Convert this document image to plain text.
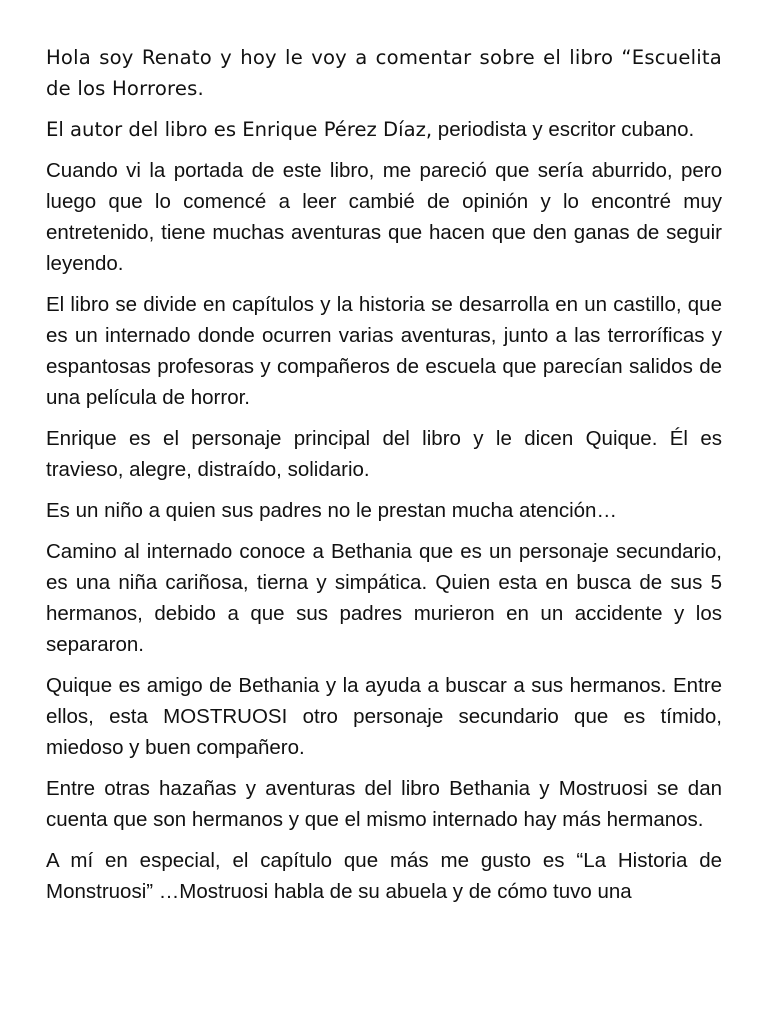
Hola soy Renato y hoy le voy a comentar sobre el libro “Escuelita de los Horrores.

El autor del libro es Enrique Pérez Díaz, periodista y escritor cubano.

Cuando vi la portada de este libro, me pareció que sería aburrido, pero luego que lo comencé a leer cambié de opinión y lo encontré muy entretenido, tiene muchas aventuras que hacen que den ganas de seguir leyendo.

El libro se divide en capítulos y la historia se desarrolla en un castillo, que es un internado donde ocurren varias aventuras, junto a las terroríficas y espantosas profesoras y compañeros de escuela que parecían salidos de una película de horror.

Enrique es el personaje principal del libro y le dicen Quique. Él es travieso, alegre, distraído, solidario.

Es un niño a quien sus padres no le prestan mucha atención…

Camino al internado conoce a Bethania que es un personaje secundario, es una niña cariñosa, tierna y simpática. Quien esta en busca de sus 5 hermanos, debido a que sus padres murieron en un accidente y los separaron.

Quique es amigo de Bethania y la ayuda a buscar a sus hermanos. Entre ellos, esta MOSTRUOSI otro personaje secundario que es tímido, miedoso y buen compañero.

Entre otras hazañas y aventuras del libro Bethania y Mostruosi se dan cuenta que son hermanos y que el mismo internado hay más hermanos.

A mí en especial, el capítulo que más me gusto es “La Historia de Monstruosi” …Mostruosi habla de su abuela y de cómo tuvo una
